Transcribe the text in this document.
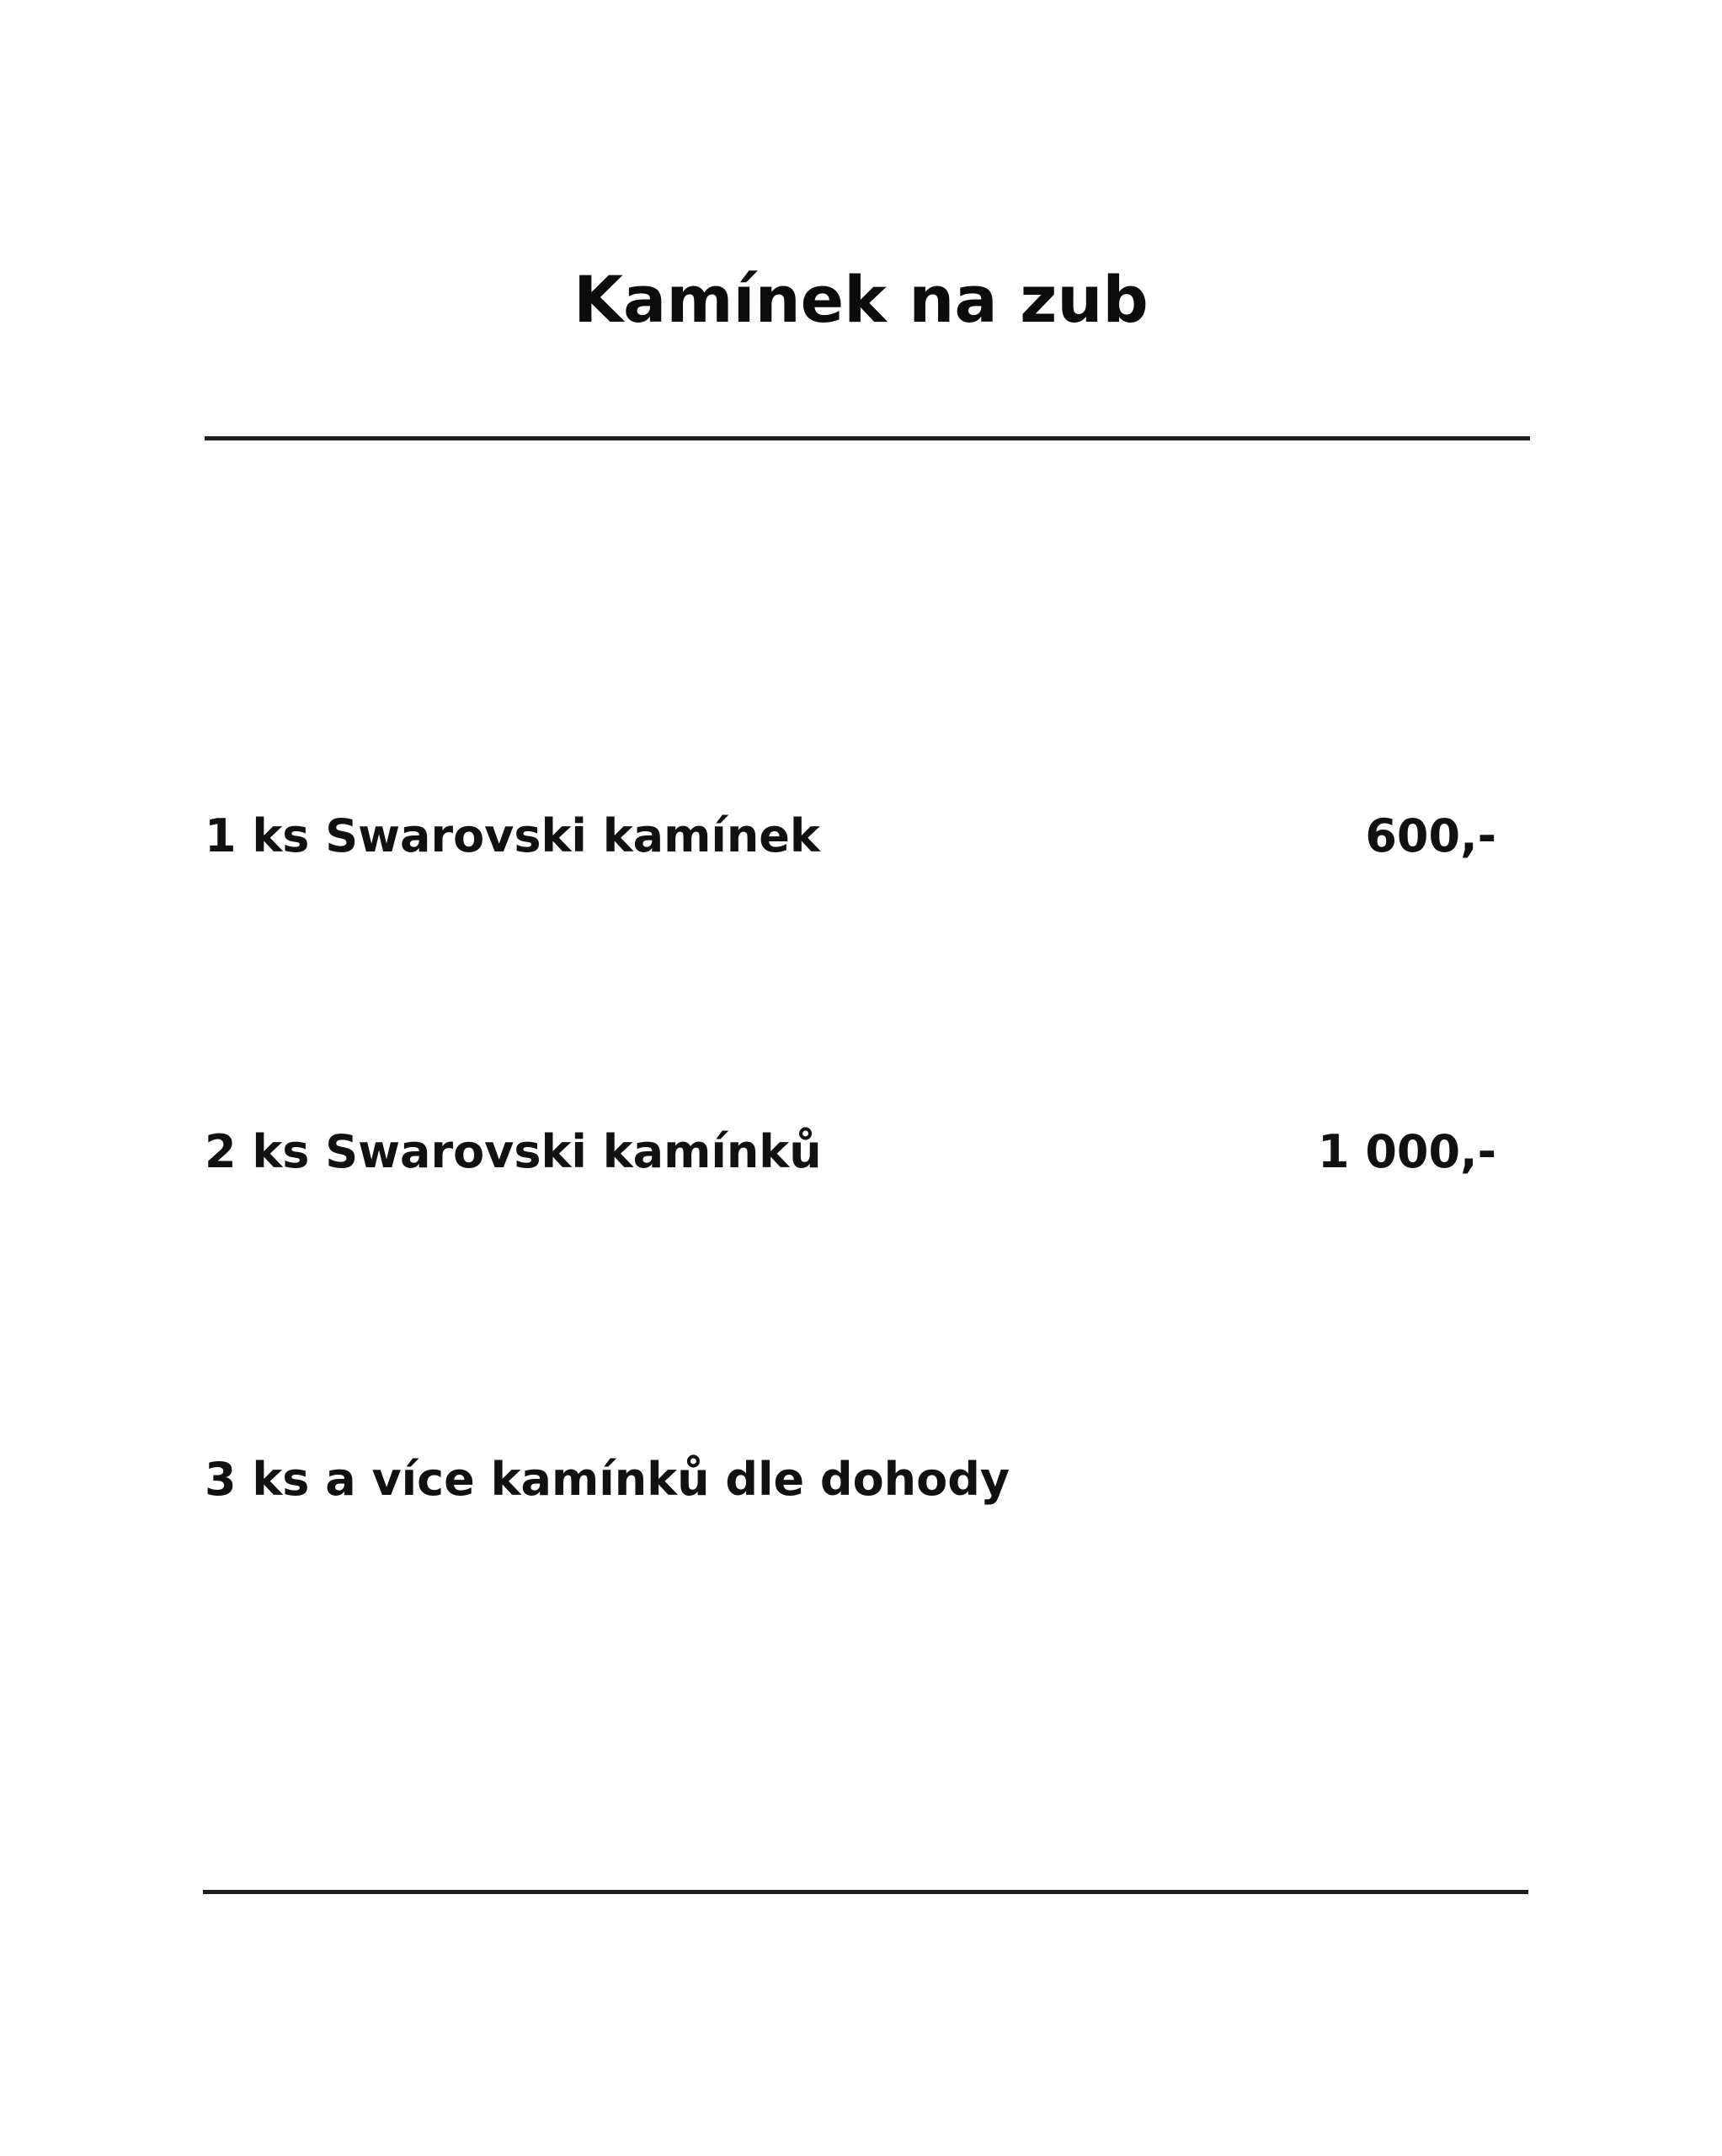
Kamínek na zub
1 ks Swarovski kamínek	600,-
2 ks Swarovski kamínků	1 000,-
3 ks a více kamínků dle dohody
